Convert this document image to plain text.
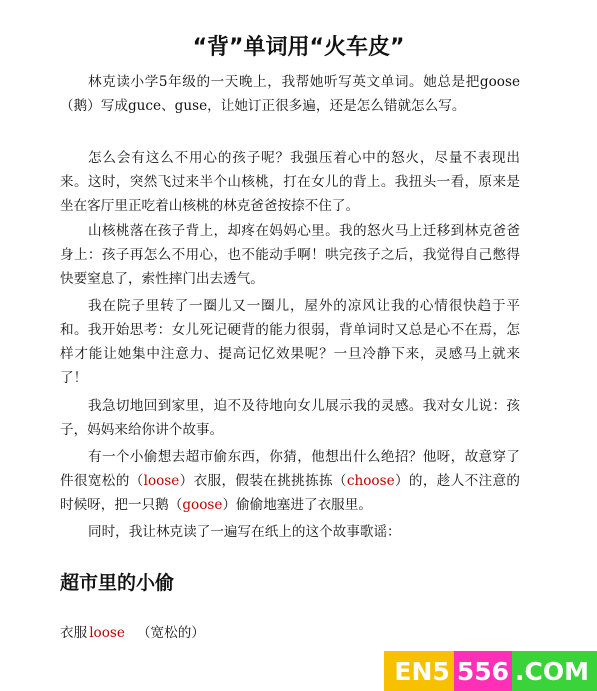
“背”单词用“火车皮”

林克读小学5年级的一天晚上，我帮她听写英文单词。她总是把goose（鹅）写成guce、guse，让她订正很多遍，还是怎么错就怎么写。

怎么会有这么不用心的孩子呢？我强压着心中的怒火，尽量不表现出来。这时，突然飞过来半个山核桃，打在女儿的背上。我扭头一看，原来是坐在客厅里正吃着山核桃的林克爸爸按捺不住了。

山核桃落在孩子背上，却疼在妈妈心里。我的怒火马上迁移到林克爸爸身上：孩子再怎么不用心，也不能动手啊！哄完孩子之后，我觉得自己憋得快要窒息了，索性摔门出去透气。

我在院子里转了一圈儿又一圈儿，屋外的凉风让我的心情很快趋于平和。我开始思考：女儿死记硬背的能力很弱，背单词时又总是心不在焉，怎样才能让她集中注意力、提高记忆效果呢？一旦冷静下来，灵感马上就来了！

我急切地回到家里，迫不及待地向女儿展示我的灵感。我对女儿说：孩子，妈妈来给你讲个故事。

有一个小偷想去超市偷东西，你猜，他想出什么绝招？他呀，故意穿了件很宽松的（loose）衣服，假装在挑挑拣拣（choose）的，趁人不注意的时候呀，把一只鹅（goose）偷偷地塞进了衣服里。

同时，我让林克读了一遍写在纸上的这个故事歌谣：

超市里的小偷
衣服 loose （宽松的）
EN5 556 .COM
